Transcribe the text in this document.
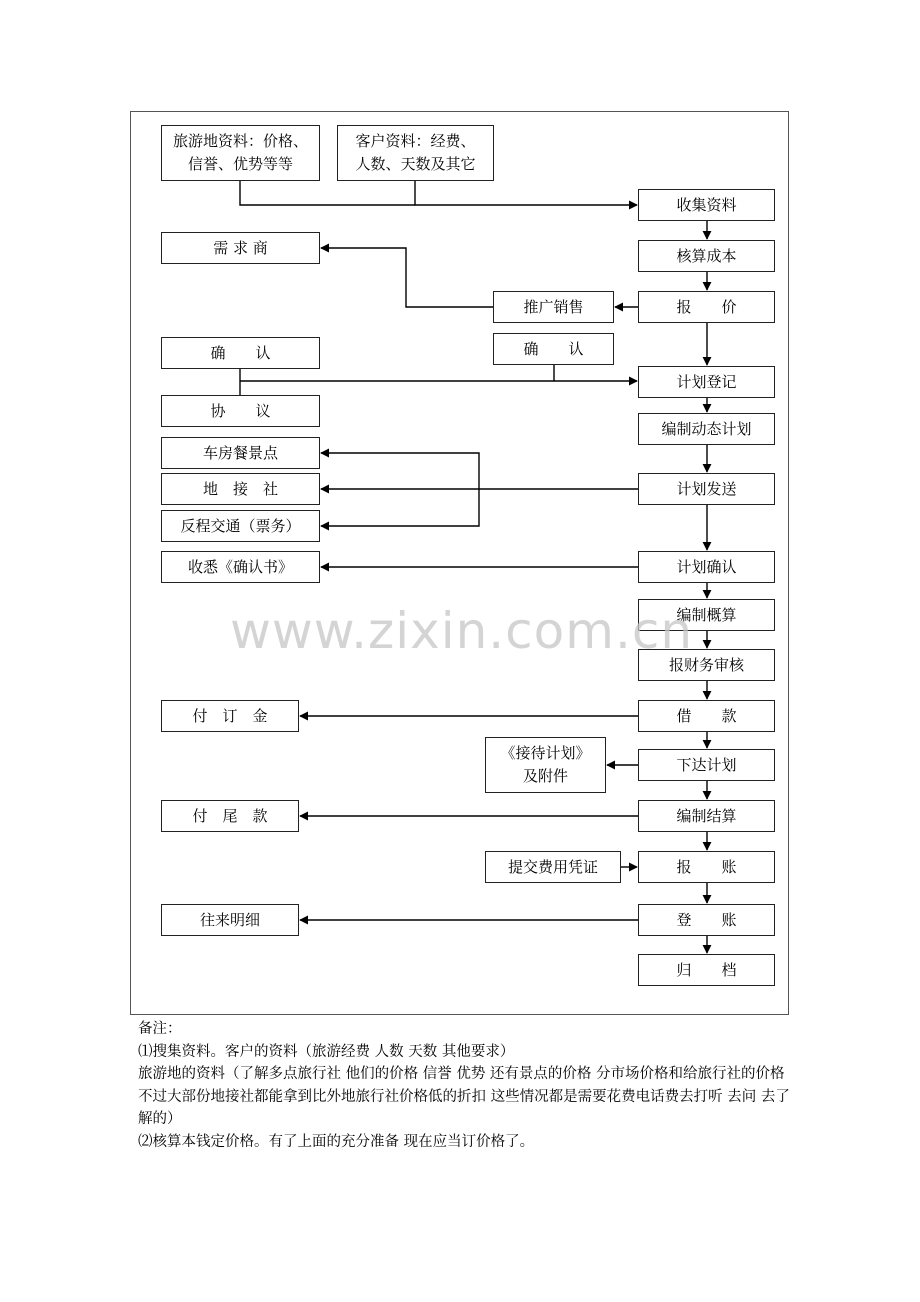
旅游地资料：价格、
信誉、优势等等
客户资料：经费、
人数、天数及其它
收集资料
需 求 商	核算成本
推广销售	报　　价
确　　认	确　　认
计划登记
协　　议
编制动态计划
车房餐景点
地　接　社	计划发送
反程交通（票务）
收悉《确认书》	计划确认
编制概算
报财务审核
付　订　金	借　　款
《接待计划》
及附件
下达计划
付　尾　款	编制结算
提交费用凭证	报　　账
往来明细	登　　账
归　　档
www.zixin.com.cn

备注：

⑴搜集资料。客户的资料（旅游经费 人数 天数 其他要求）

旅游地的资料（了解多点旅行社 他们的价格 信誉 优势 还有景点的价格 分市场价格和给旅行社的价格 不过大部份地接社都能拿到比外地旅行社价格低的折扣 这些情况都是需要花费电话费去打听 去问 去了解的）

⑵核算本钱定价格。有了上面的充分准备 现在应当订价格了。
